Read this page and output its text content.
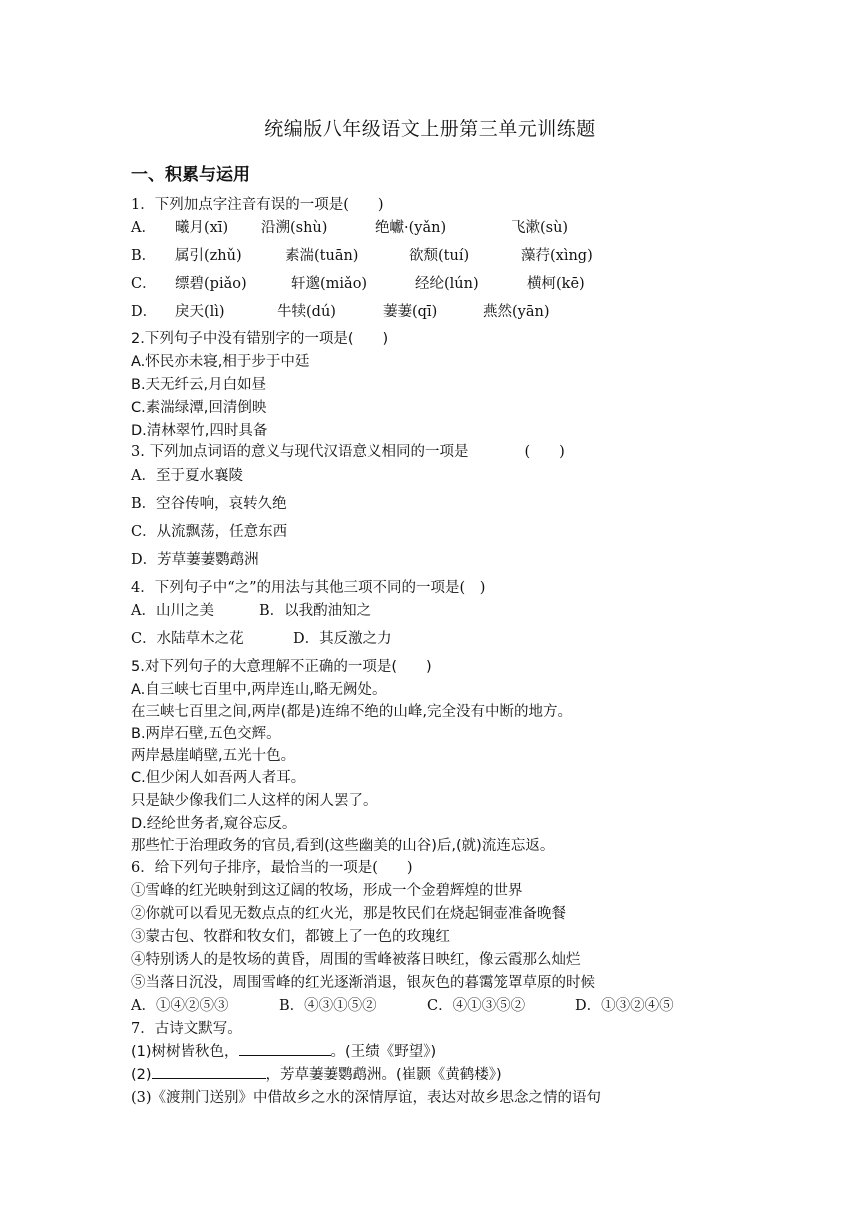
统编版八年级语文上册第三单元训练题
一、积累与运用
1．下列加点字注音有误的一项是(　　)
A． 曦月(xī) 沿溯(shù)	绝巘·(yǎn)	飞漱(sù)
B． 属引(zhǔ)	素湍(tuān)	欲颓(tuí)	藻荇(xìng)
C． 缥碧(piǎo)	轩邈(miǎo)	经纶(lún)	横柯(kē)
D． 戾天(lì)	牛犊(dú)	萋萋(qī)	燕然(yān)
2.下列句子中没有错别字的一项是(　　)
A.怀民亦未寝,相于步于中廷
B.天无纤云,月白如昼
C.素湍绿潭,回清倒映
D.清林翠竹,四时具备
3. 下列加点词语的意义与现代汉语意义相同的一项是	(　　)
A．至于夏水襄陵
B．空谷传响，哀转久绝
C．从流飘荡，任意东西
D．芳草萋萋鹦鹉洲
4．下列句子中“之”的用法与其他三项不同的一项是(　)
A．山川之美	B．以我酌油知之
C．水陆草木之花	D．其反激之力
5.对下列句子的大意理解不正确的一项是(　　)
A.自三峡七百里中,两岸连山,略无阙处。
在三峡七百里之间,两岸(都是)连绵不绝的山峰,完全没有中断的地方。
B.两岸石壁,五色交辉。
两岸悬崖峭壁,五光十色。
C.但少闲人如吾两人者耳。
只是缺少像我们二人这样的闲人罢了。
D.经纶世务者,窥谷忘反。
那些忙于治理政务的官员,看到(这些幽美的山谷)后,(就)流连忘返。
6．给下列句子排序，最恰当的一项是(　　)
①雪峰的红光映射到这辽阔的牧场，形成一个金碧辉煌的世界
②你就可以看见无数点点的红火光，那是牧民们在烧起铜壶准备晚餐
③蒙古包、牧群和牧女们，都镀上了一色的玫瑰红
④特别诱人的是牧场的黄昏，周围的雪峰被落日映红，像云霞那么灿烂
⑤当落日沉没，周围雪峰的红光逐渐消退，银灰色的暮霭笼罩草原的时候
A．①④②⑤③	B．④③①⑤②	C．④①③⑤②	D．①③②④⑤
7．古诗文默写。
(1)树树皆秋色，	。(王绩《野望》)
(2)	，芳草萋萋鹦鹉洲。(崔颢《黄鹤楼》)
(3)《渡荆门送别》中借故乡之水的深情厚谊，表达对故乡思念之情的语句
